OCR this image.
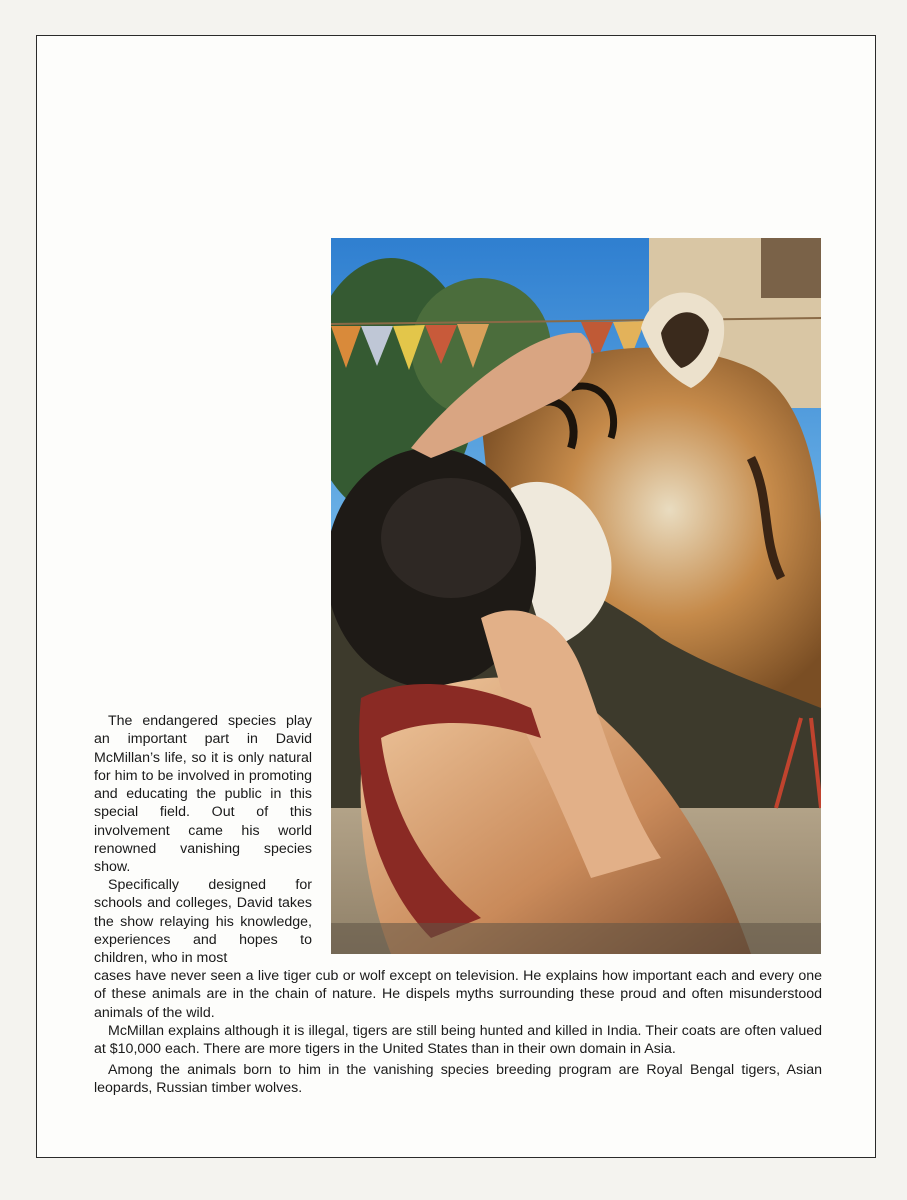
The endangered species play an important part in David McMillan’s life, so it is only natural for him to be involved in promoting and educating the public in this special field. Out of this involvement came his world renowned vanishing species show.

Specifically designed for schools and colleges, David takes the show relaying his knowledge, experiences and hopes to children, who in most

cases have never seen a live tiger cub or wolf except on television. He explains how important each and every one of these animals are in the chain of nature. He dispels myths surrounding these proud and often misunderstood animals of the wild.

McMillan explains although it is illegal, tigers are still being hunted and killed in India. Their coats are often valued at $10,000 each. There are more tigers in the United States than in their own domain in Asia.

Among the animals born to him in the vanishing species breeding program are Royal Bengal tigers, Asian leopards, Russian timber wolves.
